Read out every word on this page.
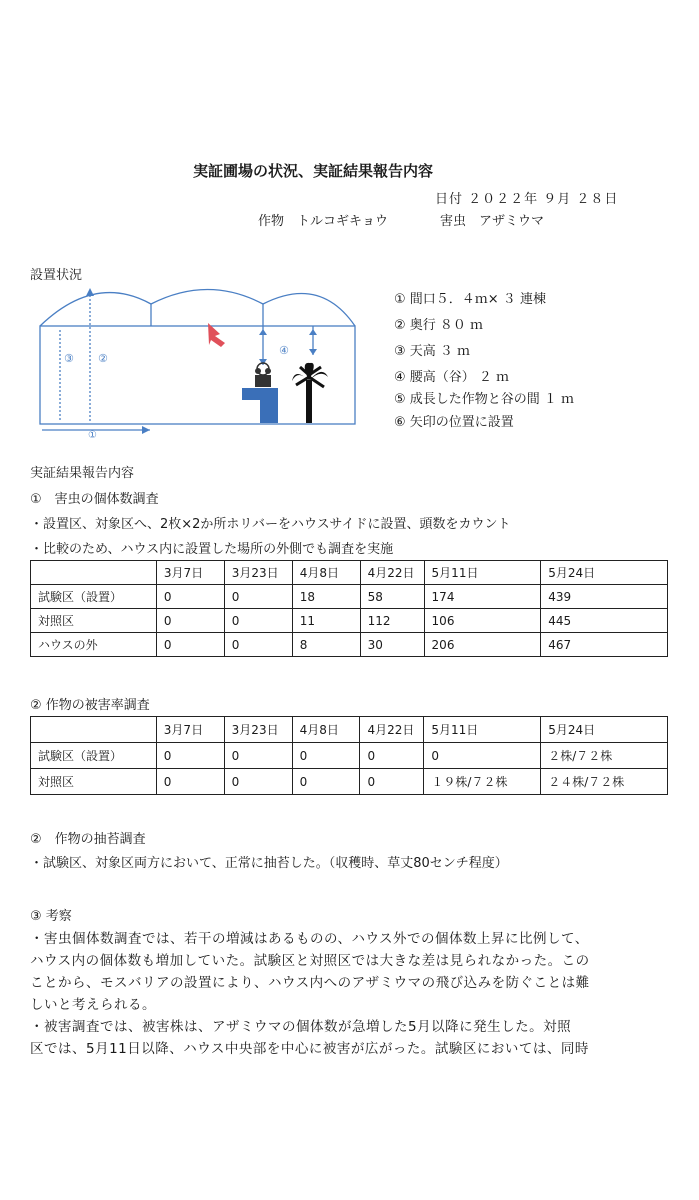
実証圃場の状況、実証結果報告内容
日付 ２０２２年 ９月 ２８日
作物　トルコギキョウ	害虫　アザミウマ
設置状況
③ ②
④
①
① 間口５．４ｍ× ３ 連棟
② 奥行 ８０ ｍ
③ 天高 ３ ｍ
④ 腰高（谷） ２ ｍ
⑤ 成長した作物と谷の間 １ ｍ
⑥ 矢印の位置に設置
実証結果報告内容
①　害虫の個体数調査
・設置区、対象区へ、2枚×2か所ホリバーをハウスサイドに設置、頭数をカウント
・比較のため、ハウス内に設置した場所の外側でも調査を実施
	3月7日	3月23日	4月8日	4月22日	5月11日	5月24日
試験区（設置）	0	0	18	58	174	439
対照区	0	0	11	112	106	445
ハウスの外	0	0	8	30	206	467
② 作物の被害率調査
	3月7日	3月23日	4月8日	4月22日	5月11日	5月24日
試験区（設置）	0	0	0	0	0	２株/７２株
対照区	0	0	0	0	１９株/７２株	２４株/７２株
②　作物の抽苔調査
・試験区、対象区両方において、正常に抽苔した。（収穫時、草丈80センチ程度）
③ 考察
・害虫個体数調査では、若干の増減はあるものの、ハウス外での個体数上昇に比例して、
ハウス内の個体数も増加していた。試験区と対照区では大きな差は見られなかった。この
ことから、モスバリアの設置により、ハウス内へのアザミウマの飛び込みを防ぐことは難
しいと考えられる。
・被害調査では、被害株は、アザミウマの個体数が急増した5月以降に発生した。対照
区では、5月11日以降、ハウス中央部を中心に被害が広がった。試験区においては、同時
